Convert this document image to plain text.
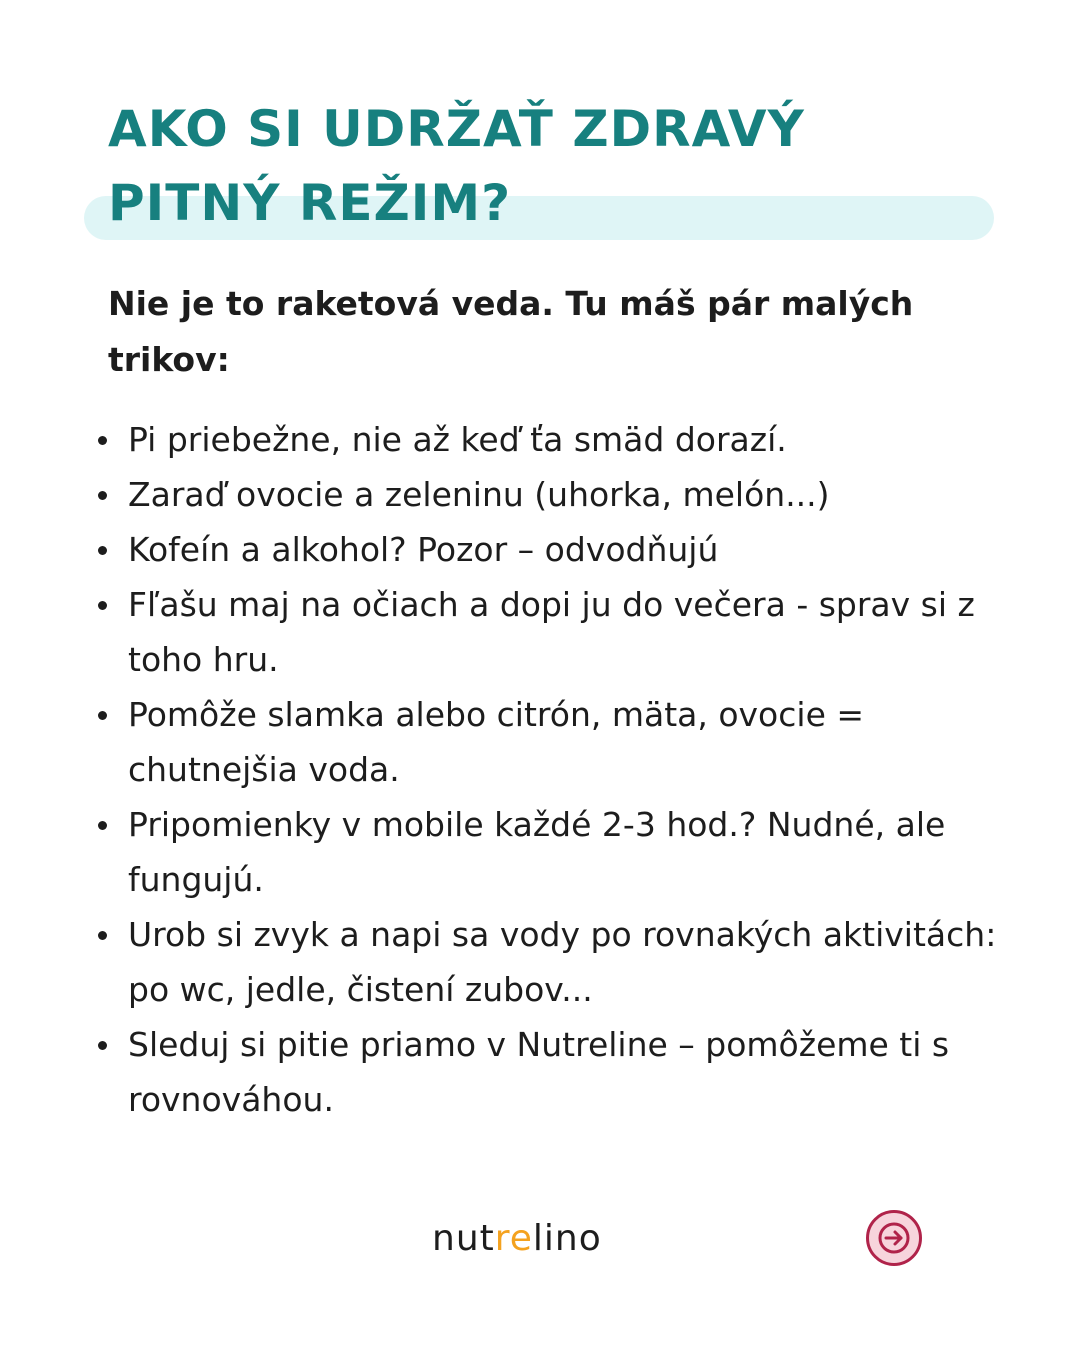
AKO SI UDRŽAŤ ZDRAVÝ
PITNÝ REŽIM?

Nie je to raketová veda. Tu máš pár malých trikov:

Pi priebežne, nie až keď ťa smäd dorazí.
Zaraď ovocie a zeleninu (uhorka, melón...)
Kofeín a alkohol? Pozor – odvodňujú
Fľašu maj na očiach a dopi ju do večera - sprav si z toho hru.
Pomôže slamka alebo citrón, mäta, ovocie = chutnejšia voda.
Pripomienky v mobile každé 2-3 hod.? Nudné, ale fungujú.
Urob si zvyk a napi sa vody po rovnakých aktivitách: po wc, jedle, čistení zubov...
Sleduj si pitie priamo v Nutreline – pomôžeme ti s rovnováhou.
nutrelino
